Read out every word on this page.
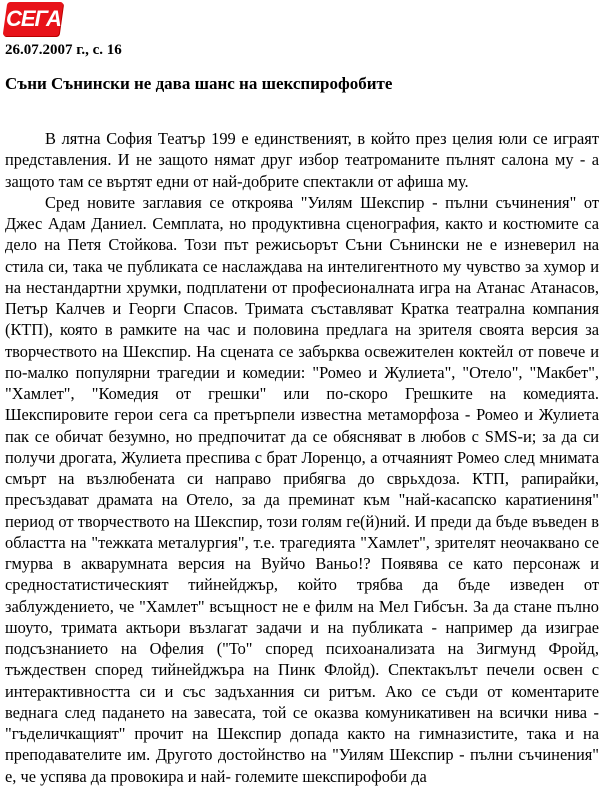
СЕГА
26.07.2007 г., с. 16
Съни Сънински не дава шанс на шекспирофобите

В лятна София Театър 199 е единственият, в който през целия юли се играят представления. И не защото нямат друг избор театроманите пълнят салона му - а защото там се въртят едни от най-добрите спектакли от афиша му.

Сред новите заглавия се откроява "Уилям Шекспир - пълни съчинения" от Джес Адам Даниел. Семплата, но продуктивна сценография, както и костюмите са дело на Петя Стойкова. Този път режисьорът Съни Сънински не е изневерил на стила си, така че публиката се наслаждава на интелигентното му чувство за хумор и на нестандартни хрумки, подплатени от професионалната игра на Атанас Атанасов, Петър Калчев и Георги Спасов. Тримата съставляват Кратка театрална компания (КТП), която в рамките на час и половина предлага на зрителя своята версия за творчеството на Шекспир. На сцената се забърква освежителен коктейл от повече и по-малко популярни трагедии и комедии: "Ромео и Жулиета", "Отело", "Макбет", "Хамлет", "Комедия от грешки" или по-скоро Грешките на комедията. Шекспировите герои сега са претърпели известна метаморфоза - Ромео и Жулиета пак се обичат безумно, но предпочитат да се обясняват в любов с SMS-и; за да си получи дрогата, Жулиета преспива с брат Лоренцо, а отчаяният Ромео след мнимата смърт на възлюбената си направо прибягва до сврьхдоза. КТП, рапирайки, пресъздават драмата на Отело, за да преминат към "най-касапско каратиениня" период от творчеството на Шекспир, този голям ге(й)ний. И преди да бъде въведен в областта на "тежката металургия", т.е. трагедията "Хамлет", зрителят неочаквано се гмурва в акварумната версия на Вуйчо Ваньо!? Появява се като персонаж и средностатистическият тийнейджър, който трябва да бъде изведен от заблуждението, че "Хамлет" всъщност не е филм на Мел Гибсън. За да стане пълно шоуто, тримата актьори възлагат задачи и на публиката - например да изиграе подсъзнанието на Офелия ("То" според психоанализата на Зигмунд Фройд, тъждествен според тийнейджъра на Пинк Флойд). Спектакълът печели освен с интерактивността си и със задъханния си ритъм. Ако се съди от коментарите веднага след падането на завесата, той се оказва комуникативен на всички нива - "гъделичкащият" прочит на Шекспир допада както на гимназистите, така и на преподавателите им. Другото достойнство на "Уилям Шекспир - пълни съчинения" е, че успява да провокира и най- големите шекспирофоби да
